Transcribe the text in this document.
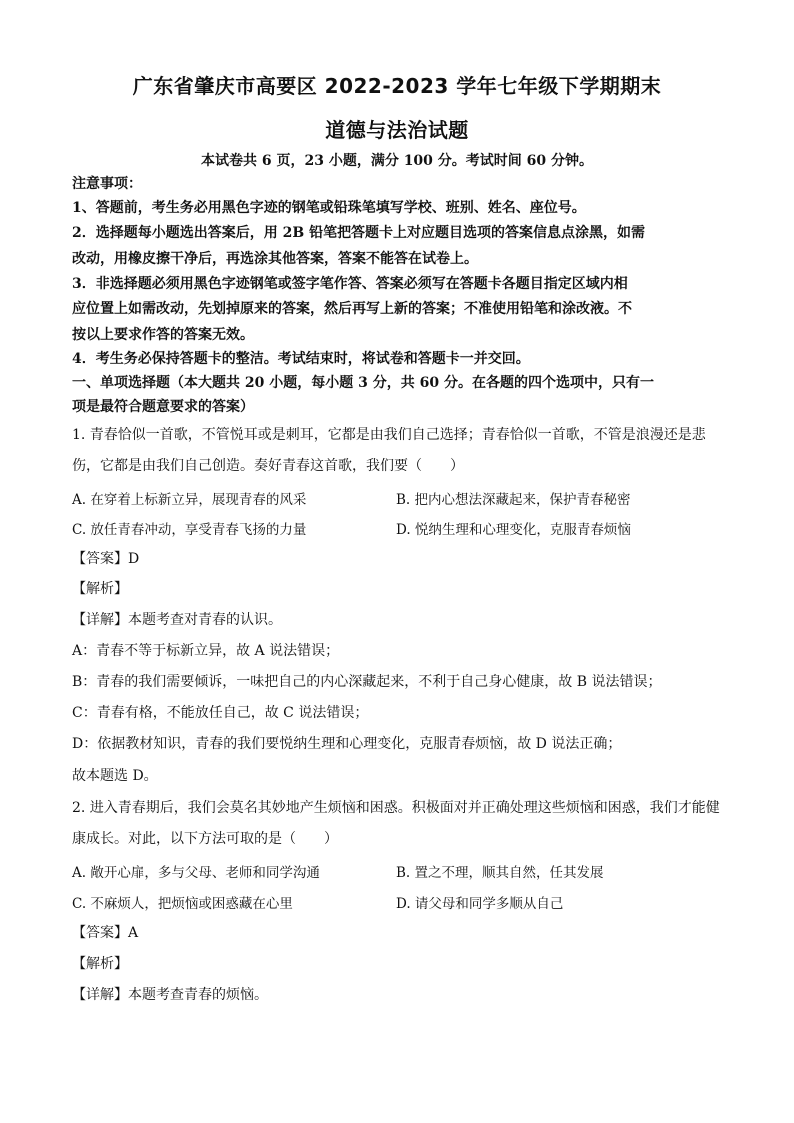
广东省肇庆市高要区 2022-2023 学年七年级下学期期末
道德与法治试题
本试卷共 6 页，23 小题，满分 100 分。考试时间 60 分钟。
注意事项：
1、答题前，考生务必用黑色字迹的钢笔或铅珠笔填写学校、班别、姓名、座位号。
2．选择题每小题选出答案后，用 2B 铅笔把答题卡上对应题目选项的答案信息点涂黑，如需
改动，用橡皮擦干净后，再选涂其他答案，答案不能答在试卷上。
3．非选择题必须用黑色字迹钢笔或签字笔作答、答案必须写在答题卡各题目指定区域内相
应位置上如需改动，先划掉原来的答案，然后再写上新的答案；不准使用铅笔和涂改液。不
按以上要求作答的答案无效。
4．考生务必保持答题卡的整洁。考试结束时，将试卷和答题卡一并交回。
一、单项选择题（本大题共 20 小题，每小题 3 分，共 60 分。在各题的四个选项中，只有一
项是最符合题意要求的答案）
1. 青春恰似一首歌，不管悦耳或是刺耳，它都是由我们自己选择；青春恰似一首歌，不管是浪漫还是悲
伤，它都是由我们自己创造。奏好青春这首歌，我们要（　　）
A. 在穿着上标新立异，展现青春的风采	B. 把内心想法深藏起来，保护青春秘密
C. 放任青春冲动，享受青春飞扬的力量	D. 悦纳生理和心理变化，克服青春烦恼
【答案】D
【解析】
【详解】本题考查对青春的认识。
A：青春不等于标新立异，故 A 说法错误；
B：青春的我们需要倾诉，一味把自己的内心深藏起来，不利于自己身心健康，故 B 说法错误；
C：青春有格，不能放任自己，故 C 说法错误；
D：依据教材知识，青春的我们要悦纳生理和心理变化，克服青春烦恼，故 D 说法正确；
故本题选 D。
2. 进入青春期后，我们会莫名其妙地产生烦恼和困惑。积极面对并正确处理这些烦恼和困惑，我们才能健
康成长。对此，以下方法可取的是（　　）
A. 敞开心扉，多与父母、老师和同学沟通	B. 置之不理，顺其自然，任其发展
C. 不麻烦人，把烦恼或困惑藏在心里	D. 请父母和同学多顺从自己
【答案】A
【解析】
【详解】本题考查青春的烦恼。
